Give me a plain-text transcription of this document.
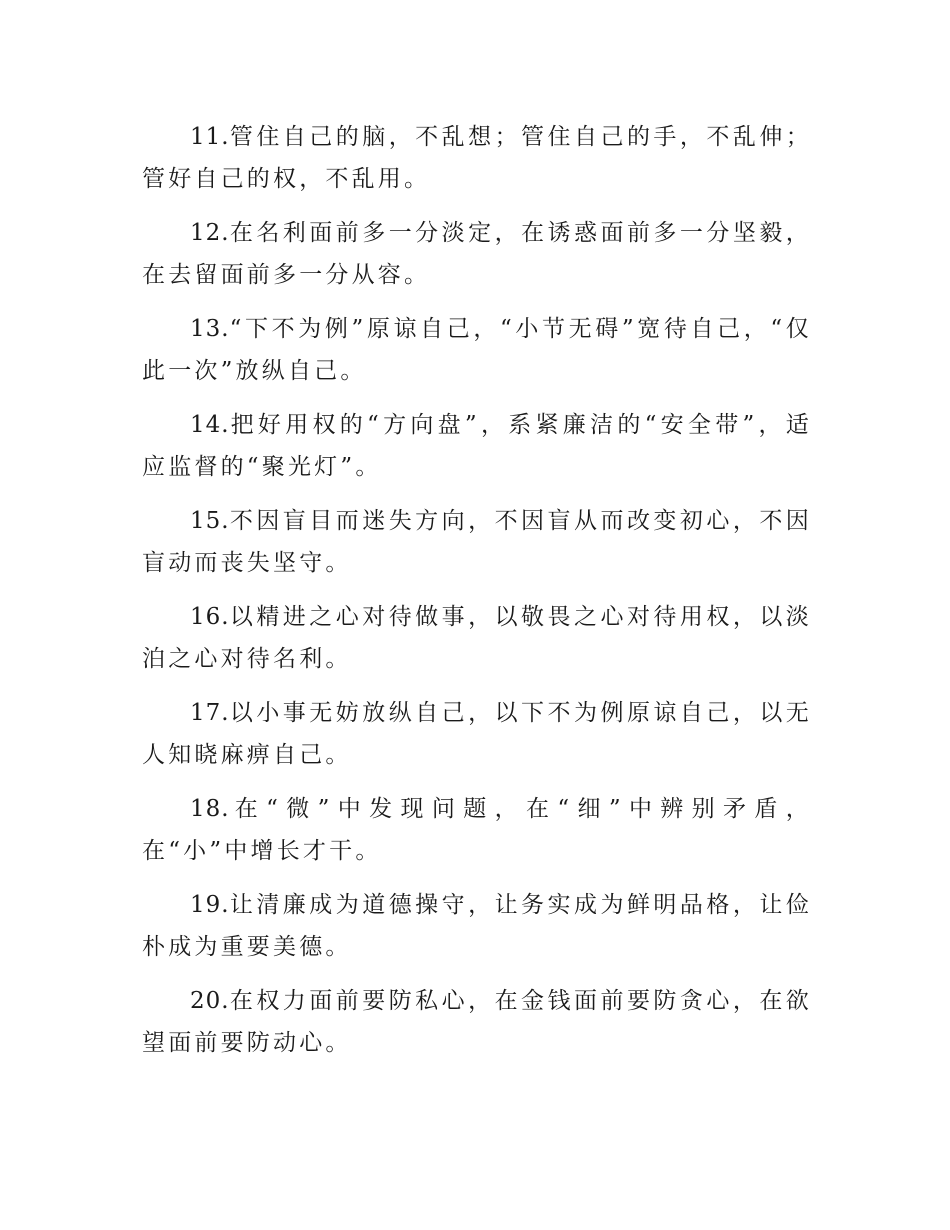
11.管住自己的脑，不乱想；管住自己的手，不乱伸；管好自己的权，不乱用。

12.在名利面前多一分淡定，在诱惑面前多一分坚毅，在去留面前多一分从容。

13.“下不为例”原谅自己，“小节无碍”宽待自己，“仅此一次”放纵自己。

14.把好用权的“方向盘”，系紧廉洁的“安全带”，适应监督的“聚光灯”。

15.不因盲目而迷失方向，不因盲从而改变初心，不因盲动而丧失坚守。

16.以精进之心对待做事，以敬畏之心对待用权，以淡泊之心对待名利。

17.以小事无妨放纵自己，以下不为例原谅自己，以无人知晓麻痹自己。

18.在“微”中发现问题，在“细”中辨别矛盾，在“小”中增长才干。

19.让清廉成为道德操守，让务实成为鲜明品格，让俭朴成为重要美德。

20.在权力面前要防私心，在金钱面前要防贪心，在欲望面前要防动心。
